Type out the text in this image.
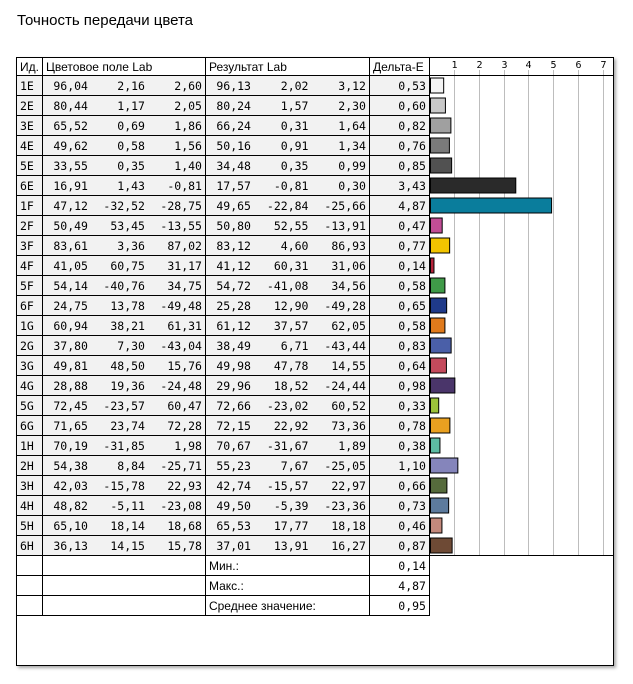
Точность передачи цвета
Ид.	Цветовое поле Lab	Результат Lab	Дельта-E
1E	96,04 2,16 2,60	96,13 2,02 3,12	0,53
2E	80,44 1,17 2,05	80,24 1,57 2,30	0,60
3E	65,52 0,69 1,86	66,24 0,31 1,64	0,82
4E	49,62 0,58 1,56	50,16 0,91 1,34	0,76
5E	33,55 0,35 1,40	34,48 0,35 0,99	0,85
6E	16,91 1,43 -0,81	17,57 -0,81 0,30	3,43
1F	47,12 -32,52 -28,75	49,65 -22,84 -25,66	4,87
2F	50,49 53,45 -13,55	50,80 52,55 -13,91	0,47
3F	83,61 3,36 87,02	83,12 4,60 86,93	0,77
4F	41,05 60,75 31,17	41,12 60,31 31,06	0,14
5F	54,14 -40,76 34,75	54,72 -41,08 34,56	0,58
6F	24,75 13,78 -49,48	25,28 12,90 -49,28	0,65
1G	60,94 38,21 61,31	61,12 37,57 62,05	0,58
2G	37,80 7,30 -43,04	38,49 6,71 -43,44	0,83
3G	49,81 48,50 15,76	49,98 47,78 14,55	0,64
4G	28,88 19,36 -24,48	29,96 18,52 -24,44	0,98
5G	72,45 -23,57 60,47	72,66 -23,02 60,52	0,33
6G	71,65 23,74 72,28	72,15 22,92 73,36	0,78
1H	70,19 -31,85 1,98	70,67 -31,67 1,89	0,38
2H	54,38 8,84 -25,71	55,23 7,67 -25,05	1,10
3H	42,03 -15,78 22,93	42,74 -15,57 22,97	0,66
4H	48,82 -5,11 -23,08	49,50 -5,39 -23,36	0,73
5H	65,10 18,14 18,68	65,53 17,77 18,18	0,46
6H	36,13 14,15 15,78	37,01 13,91 16,27	0,87
		Мин.:	0,14
		Макс.:	4,87
		Среднее значение:	0,95
1 2 3 4 5 6 7
